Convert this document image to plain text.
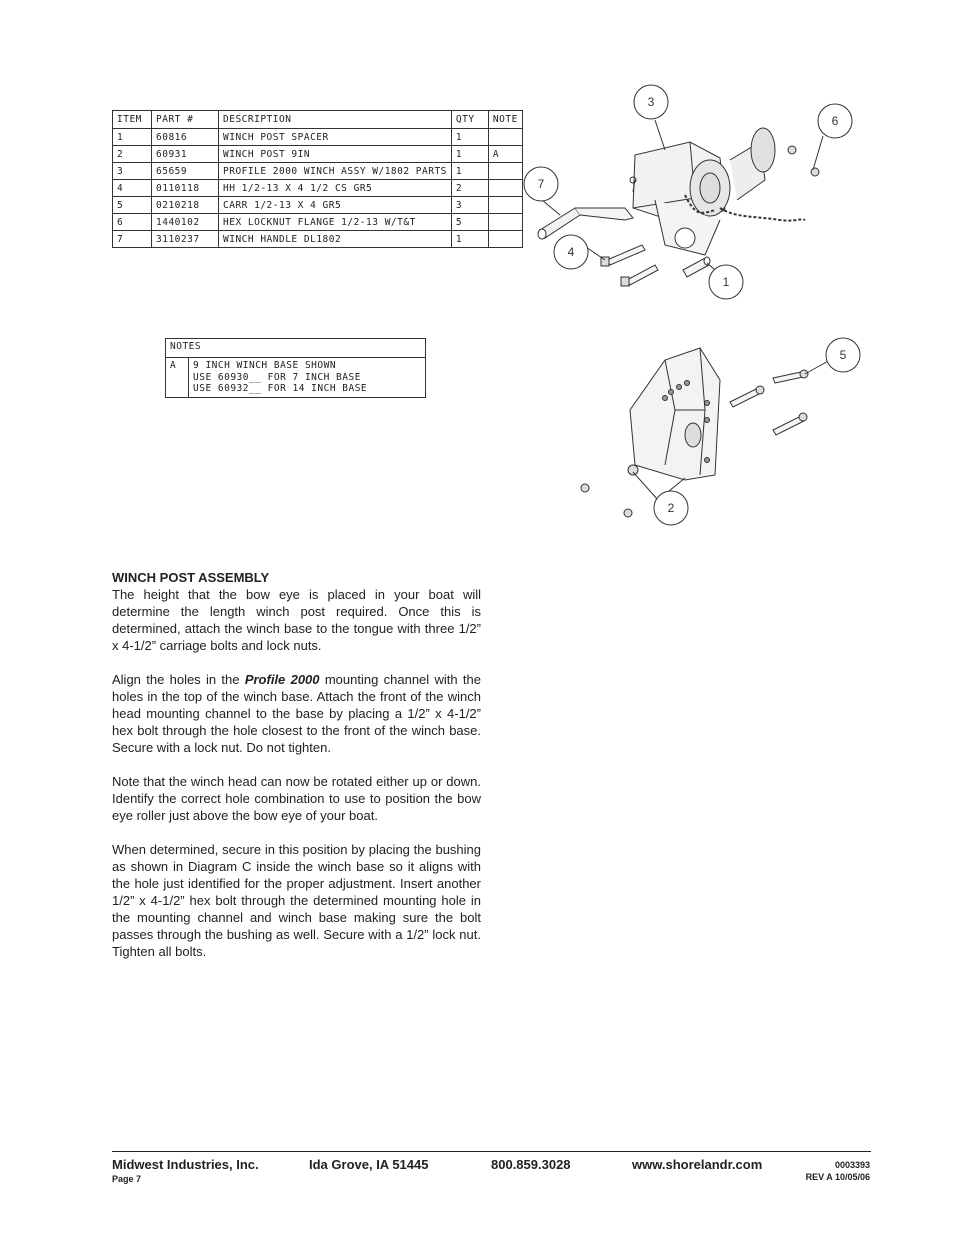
ITEM	PART #	DESCRIPTION	QTY	NOTE
1	60816	WINCH POST SPACER	1	
2	60931	WINCH POST 9IN	1	A
3	65659	PROFILE 2000 WINCH ASSY W/1802 PARTS	1	
4	0110118	HH 1/2-13 X 4 1/2 CS GR5	2	
5	0210218	CARR 1/2-13 X 4 GR5	3	
6	1440102	HEX LOCKNUT FLANGE 1/2-13 W/T&T	5	
7	3110237	WINCH HANDLE DL1802	1	
NOTES
A	9 INCH WINCH BASE SHOWN
USE 60930__ FOR 7 INCH BASE
USE 60932__ FOR 14 INCH BASE
3
6
7
4
1
5
2
WINCH POST ASSEMBLY

The height that the bow eye is placed in your boat will determine the length winch post required. Once this is determined, attach the winch base to the tongue with three 1/2” x 4-1/2” carriage bolts and lock nuts.

Align the holes in the Profile 2000 mounting channel with the holes in the top of the winch base. Attach the front of the winch head mounting channel to the base by placing a 1/2” x 4-1/2” hex bolt through the hole closest to the front of the winch base. Secure with a lock nut. Do not tighten.

Note that the winch head can now be rotated either up or down. Identify the correct hole combination to use to position the bow eye roller just above the bow eye of your boat.

When determined, secure in this position by placing the bushing as shown in Diagram C inside the winch base so it aligns with the hole just identified for the proper adjustment. Insert another 1/2” x 4-1/2” hex bolt through the determined mounting hole in the mounting channel and winch base making sure the bolt passes through the bushing as well. Secure with a 1/2” lock nut. Tighten all bolts.

Midwest Industries, Inc.	Ida Grove, IA 51445	800.859.3028	www.shorelandr.com
Page 7
0003393
REV A 10/05/06
